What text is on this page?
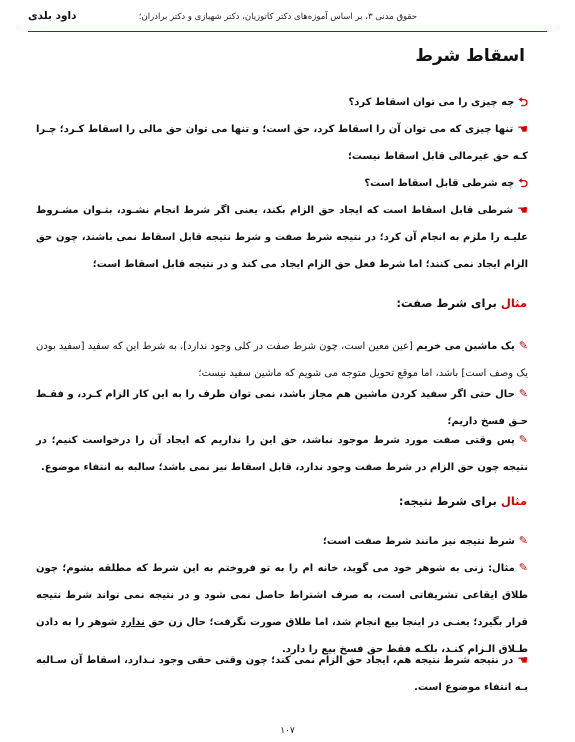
حقوق مدنی ۳، بر اساس آموزه‌های دکتر کاتوزیان، دکتر شهبازی و دکتر برادران؛
داود بلدی
اسقاط شرط
⮌چه چیزی را می توان اسقاط کرد؟
☚تنها چیزی که می توان آن را اسقاط کرد، حق است؛ و تنها می توان حق مالی را اسقاط کـرد؛ چـرا کـه حق غیرمالی قابل اسقاط نیست؛
⮌چه شرطی قابل اسقاط است؟
☚شرطی قابل اسقاط است که ایجاد حق الزام بکند، یعنی اگر شرط انجام نشـود، بتـوان مشـروط علیـه را ملزم به انجام آن کرد؛ در نتیجه شرط صفت و شرط نتیجه قابل اسقاط نمی باشند، چون حق الزام ایجاد نمی کنند؛ اما شرط فعل حق الزام ایجاد می کند و در نتیجه قابل اسقاط است؛
مثال برای شرط صفت:
✎یک ماشین می خریم [عین معین است، چون شرط صفت در کلی وجود ندارد]، به شرط این که سفید [سفید بودن یک وصف است] باشد، اما موقع تحویل متوجه می شویم که ماشین سفید نیست؛
✎حال حتی اگر سفید کردن ماشین هم مجاز باشد، نمی توان طرف را به این کار الزام کـرد، و فقـط حـق فسخ داریم؛
✎پس وقتی صفت مورد شرط موجود نباشد، حق این را نداریم که ایجاد آن را درخواست کنیم؛ در نتیجه چون حق الزام در شرط صفت وجود ندارد، قابل اسقاط نیز نمی باشد؛ سالبه به انتفاء موضوع.
مثال برای شرط نتیجه:
✎شرط نتیجه نیز مانند شرط صفت است؛
✎مثال: زنی به شوهر خود می گوید، خانه ام را به تو فروختم به این شرط که مطلقه بشوم؛ چون طلاق ایقاعی تشریفاتی است، به صرف اشتراط حاصل نمی شود و در نتیجه نمی تواند شرط نتیجه قرار بگیرد؛ یعنـی در اینجا بیع انجام شد، اما طلاق صورت نگرفت؛ حال زن حق ندارد شوهر را به دادن طـلاق الـزام کنـد، بلکـه فقط حق فسخ بیع را دارد.
☚در نتیجه شرط نتیجه هم، ایجاد حق الزام نمی کند؛ چون وقتی حقی وجود نـدارد، اسقاط آن سـالبه بـه انتفاء موضوع است.
۱۰۷
